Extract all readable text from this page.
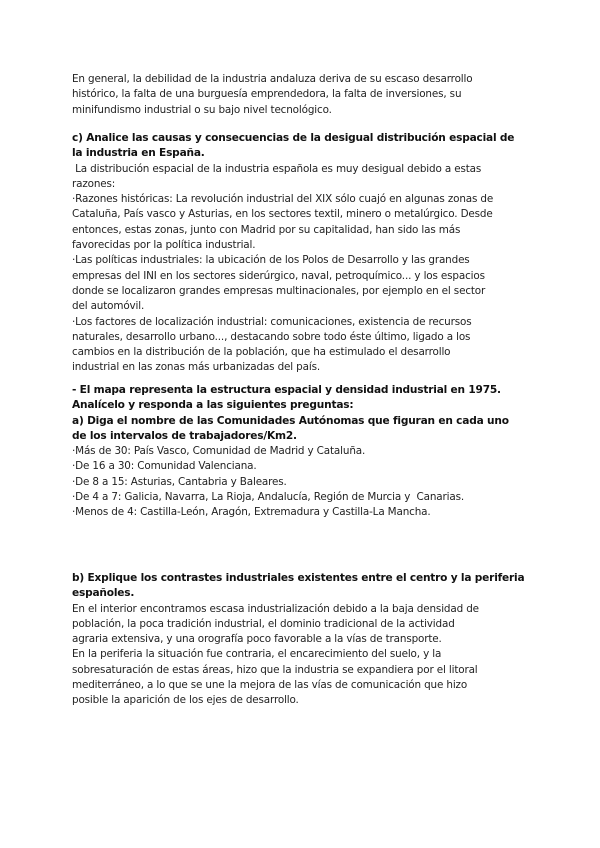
En general, la debilidad de la industria andaluza deriva de su escaso desarrollo
histórico, la falta de una burguesía emprendedora, la falta de inversiones, su
minifundismo industrial o su bajo nivel tecnológico.
c) Analice las causas y consecuencias de la desigual distribución espacial de
la industria en España.
La distribución espacial de la industria española es muy desigual debido a estas
razones:
·Razones históricas: La revolución industrial del XIX sólo cuajó en algunas zonas de
Cataluña, País vasco y Asturias, en los sectores textil, minero o metalúrgico. Desde
entonces, estas zonas, junto con Madrid por su capitalidad, han sido las más
favorecidas por la política industrial.
·Las políticas industriales: la ubicación de los Polos de Desarrollo y las grandes
empresas del INI en los sectores siderúrgico, naval, petroquímico... y los espacios
donde se localizaron grandes empresas multinacionales, por ejemplo en el sector
del automóvil.
·Los factores de localización industrial: comunicaciones, existencia de recursos
naturales, desarrollo urbano..., destacando sobre todo éste último, ligado a los
cambios en la distribución de la población, que ha estimulado el desarrollo
industrial en las zonas más urbanizadas del país.
- El mapa representa la estructura espacial y densidad industrial en 1975.
Analícelo y responda a las siguientes preguntas:
a) Diga el nombre de las Comunidades Autónomas que figuran en cada uno
de los intervalos de trabajadores/Km2.
·Más de 30: País Vasco, Comunidad de Madrid y Cataluña.
·De 16 a 30: Comunidad Valenciana.
·De 8 a 15: Asturias, Cantabria y Baleares.
·De 4 a 7: Galicia, Navarra, La Rioja, Andalucía, Región de Murcia y  Canarias.
·Menos de 4: Castilla-León, Aragón, Extremadura y Castilla-La Mancha.
b) Explique los contrastes industriales existentes entre el centro y la periferia
españoles.
En el interior encontramos escasa industrialización debido a la baja densidad de
población, la poca tradición industrial, el dominio tradicional de la actividad
agraria extensiva, y una orografía poco favorable a la vías de transporte.
En la periferia la situación fue contraria, el encarecimiento del suelo, y la
sobresaturación de estas áreas, hizo que la industria se expandiera por el litoral
mediterráneo, a lo que se une la mejora de las vías de comunicación que hizo
posible la aparición de los ejes de desarrollo.
